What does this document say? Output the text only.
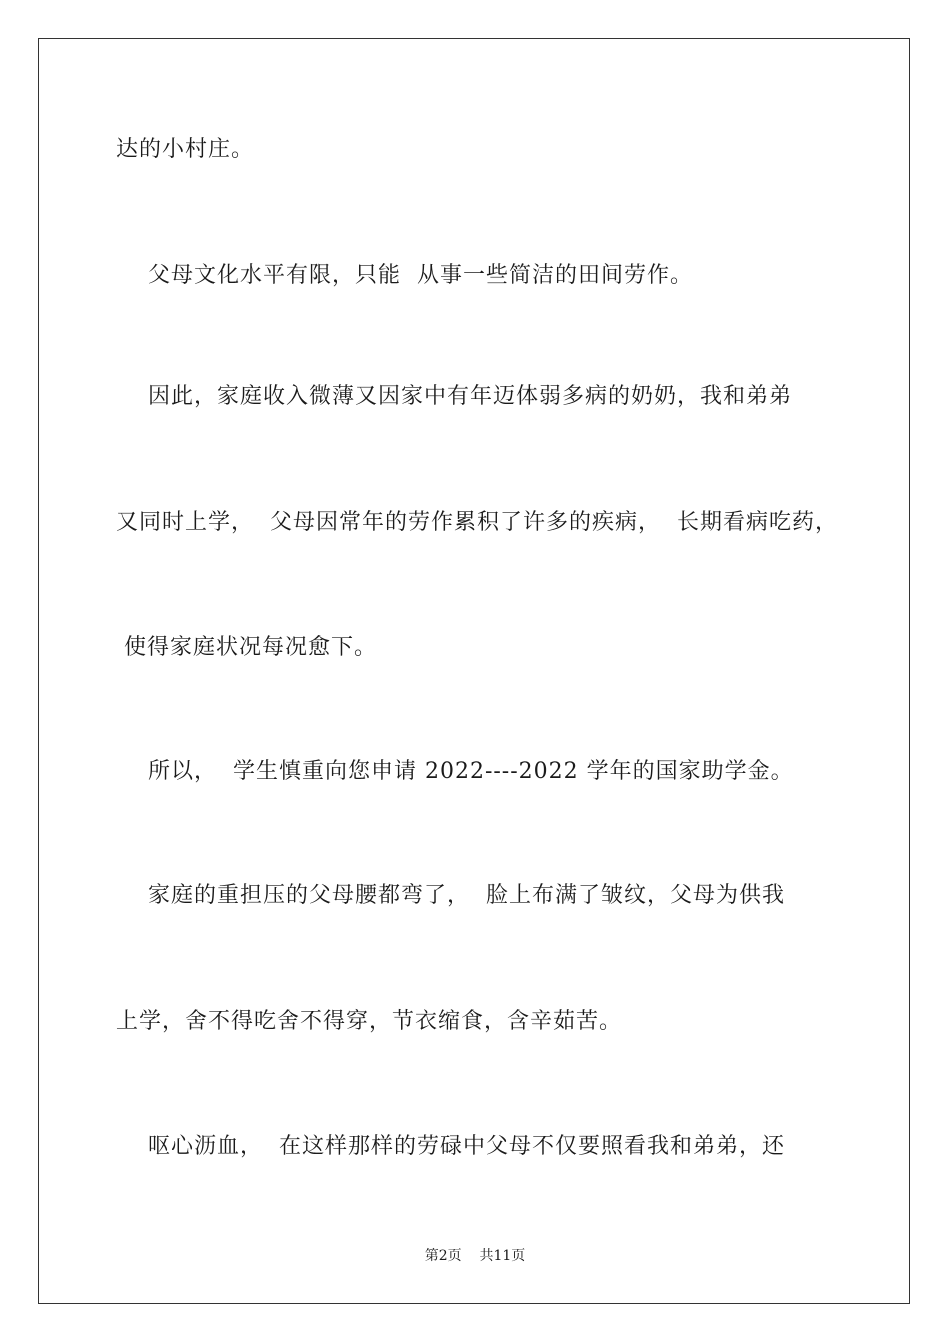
达的小村庄。
父母文化水平有限，只能  从事一些简洁的田间劳作。
因此，家庭收入微薄又因家中有年迈体弱多病的奶奶，我和弟弟
又同时上学，  父母因常年的劳作累积了许多的疾病，  长期看病吃药，
使得家庭状况每况愈下。
所以，  学生慎重向您申请 2022----2022 学年的国家助学金。
家庭的重担压的父母腰都弯了，  脸上布满了皱纹，父母为供我
上学，舍不得吃舍不得穿，节衣缩食，含辛茹苦。
呕心沥血，  在这样那样的劳碌中父母不仅要照看我和弟弟，还
第2页 共11页
